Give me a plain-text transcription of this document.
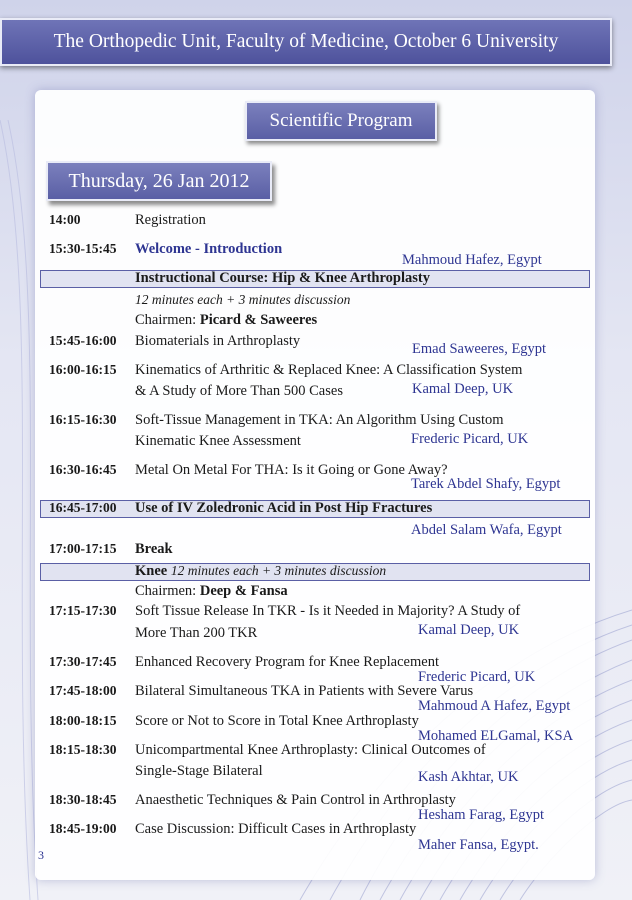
The Orthopedic Unit, Faculty of Medicine, October 6 University
Scientific Program
Thursday, 26 Jan 2012
14:00	Registration
15:30-15:45 Welcome - Introduction
Mahmoud Hafez, Egypt
Instructional Course: Hip & Knee Arthroplasty
12 minutes each + 3 minutes discussion
Chairmen: Picard & Saweeres
15:45-16:00 Biomaterials in Arthroplasty	Emad Saweeres, Egypt
16:00-16:15 Kinematics of Arthritic & Replaced Knee: A Classification System
& A Study of More Than 500 Cases	Kamal Deep, UK
16:15-16:30 Soft-Tissue Management in TKA: An Algorithm Using Custom
Kinematic Knee Assessment	Frederic Picard, UK
16:30-16:45 Metal On Metal For THA: Is it Going or Gone Away?
Tarek Abdel Shafy, Egypt
16:45-17:00 Use of IV Zoledronic Acid in Post Hip Fractures
Abdel Salam Wafa, Egypt
17:00-17:15 Break
Knee 12 minutes each + 3 minutes discussion
Chairmen: Deep & Fansa
17:15-17:30 Soft Tissue Release In TKR - Is it Needed in Majority? A Study of
More Than 200 TKR	Kamal Deep, UK
17:30-17:45 Enhanced Recovery Program for Knee Replacement
Frederic Picard, UK
17:45-18:00 Bilateral Simultaneous TKA in Patients with Severe Varus
Mahmoud A Hafez, Egypt
18:00-18:15 Score or Not to Score in Total Knee Arthroplasty
Mohamed ELGamal, KSA
18:15-18:30 Unicompartmental Knee Arthroplasty: Clinical Outcomes of
Single-Stage Bilateral	Kash Akhtar, UK
18:30-18:45 Anaesthetic Techniques & Pain Control in Arthroplasty
Hesham Farag, Egypt
18:45-19:00 Case Discussion: Difficult Cases in Arthroplasty
Maher Fansa, Egypt.
3
